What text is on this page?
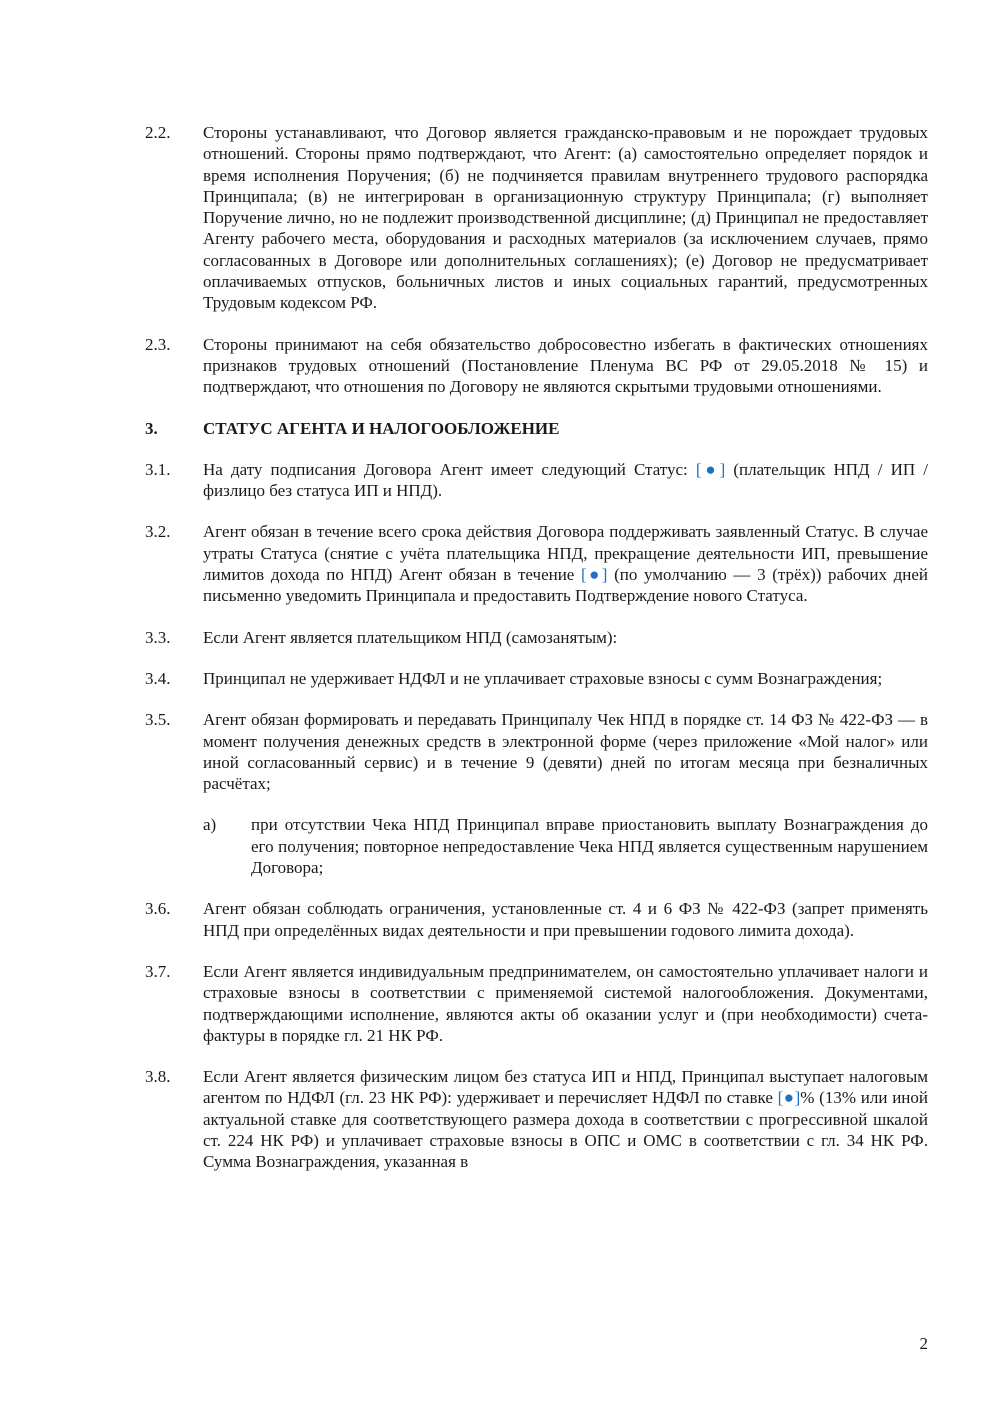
2.2.	Стороны устанавливают, что Договор является гражданско-правовым и не порождает трудовых отношений. Стороны прямо подтверждают, что Агент: (а) самостоятельно определяет порядок и время исполнения Поручения; (б) не подчиняется правилам внутреннего трудового распорядка Принципала; (в) не интегрирован в организационную структуру Принципала; (г) выполняет Поручение лично, но не подлежит производственной дисциплине; (д) Принципал не предоставляет Агенту рабочего места, оборудования и расходных материалов (за исключением случаев, прямо согласованных в Договоре или дополнительных соглашениях); (е) Договор не предусматривает оплачиваемых отпусков, больничных листов и иных социальных гарантий, предусмотренных Трудовым кодексом РФ.
2.3.	Стороны принимают на себя обязательство добросовестно избегать в фактических отношениях признаков трудовых отношений (Постановление Пленума ВС РФ от 29.05.2018 № 15) и подтверждают, что отношения по Договору не являются скрытыми трудовыми отношениями.
3.	СТАТУС АГЕНТА И НАЛОГООБЛОЖЕНИЕ
3.1.	На дату подписания Договора Агент имеет следующий Статус: [●] (плательщик НПД / ИП / физлицо без статуса ИП и НПД).
3.2.	Агент обязан в течение всего срока действия Договора поддерживать заявленный Статус. В случае утраты Статуса (снятие с учёта плательщика НПД, прекращение деятельности ИП, превышение лимитов дохода по НПД) Агент обязан в течение [●] (по умолчанию — 3 (трёх)) рабочих дней письменно уведомить Принципала и предоставить Подтверждение нового Статуса.
3.3.	Если Агент является плательщиком НПД (самозанятым):
3.4.	Принципал не удерживает НДФЛ и не уплачивает страховые взносы с сумм Вознаграждения;
3.5.	Агент обязан формировать и передавать Принципалу Чек НПД в порядке ст. 14 ФЗ № 422-ФЗ — в момент получения денежных средств в электронной форме (через приложение «Мой налог» или иной согласованный сервис) и в течение 9 (девяти) дней по итогам месяца при безналичных расчётах;
a)	при отсутствии Чека НПД Принципал вправе приостановить выплату Вознаграждения до его получения; повторное непредоставление Чека НПД является существенным нарушением Договора;
3.6.	Агент обязан соблюдать ограничения, установленные ст. 4 и 6 ФЗ № 422-ФЗ (запрет применять НПД при определённых видах деятельности и при превышении годового лимита дохода).
3.7.	Если Агент является индивидуальным предпринимателем, он самостоятельно уплачивает налоги и страховые взносы в соответствии с применяемой системой налогообложения. Документами, подтверждающими исполнение, являются акты об оказании услуг и (при необходимости) счета-фактуры в порядке гл. 21 НК РФ.
3.8.	Если Агент является физическим лицом без статуса ИП и НПД, Принципал выступает налоговым агентом по НДФЛ (гл. 23 НК РФ): удерживает и перечисляет НДФЛ по ставке [●]% (13% или иной актуальной ставке для соответствующего размера дохода в соответствии с прогрессивной шкалой ст. 224 НК РФ) и уплачивает страховые взносы в ОПС и ОМС в соответствии с гл. 34 НК РФ. Сумма Вознаграждения, указанная в
2
